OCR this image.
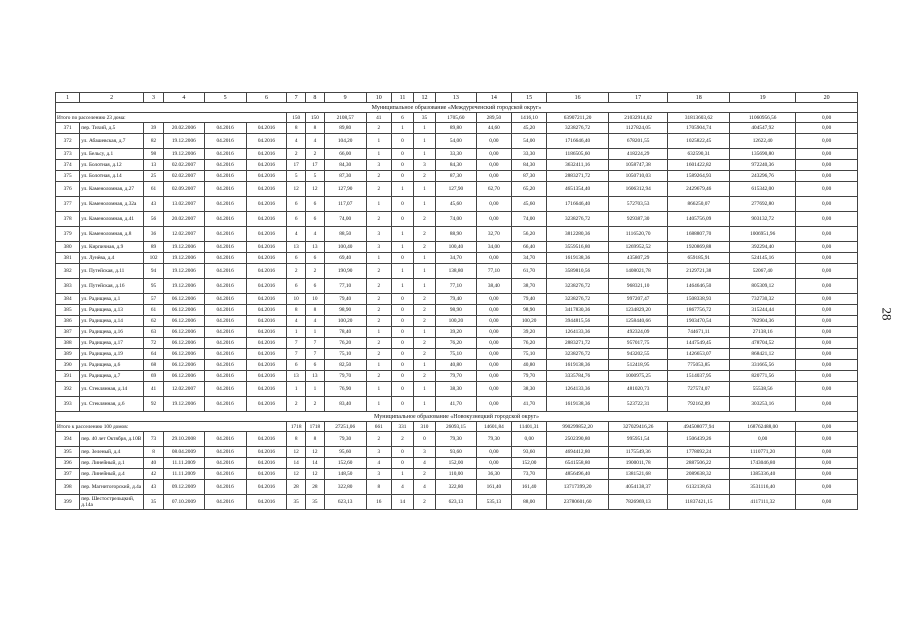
1	2	3	4	5	6	7	8	9	10	11	12	13	14	15	16	17	18	19	20
Муниципальное образование «Междуреченский городской округ»																			
Итого по расселению 23 дома:						150	150	2108,57	41	6	35	1705,60	289,50	1416,10	63907211,20	21032914,02	31813603,62	11060956,56	0,00
371	пер. Тихий, д.5	39	20.02.2006	04.2016	04.2016	8	8	89,80	2	1	1	89,80	44,60	45,20	3238276,72	1127824,05	1705904,74	404547,92	0,00
372	ул. Абашевская, д.7	82	19.12.2006	04.2016	04.2016	4	4	104,20	1	0	1	54,00	0,00	54,00	1716646,40	678201,55	1025822,45	12622,40	0,00
373	ул. Бельсу, д.1	98	19.12.2006	04.2016	04.2016	2	2	66,00	1	0	1	33,30	0,00	33,30	1186505,60	418224,29	632590,31	135690,80	0,00
374	ул. Болотная, д.12	13	02.02.2007	04.2016	04.2016	17	17	84,30	3	0	3	84,30	0,00	84,30	3632411,16	1058747,38	1601422,82	972240,36	0,00
375	ул. Болотная, д.14	25	02.02.2007	04.2016	04.2016	5	5	87,30	2	0	2	87,30	0,00	87,30	2883271,72	1050710,03	1589264,93	243296,76	0,00
376	ул. Каменоломная, д.27	61	02.09.2007	04.2016	04.2016	12	12	127,90	2	1	1	127,90	62,70	65,20	4651354,40	1606312,94	2429679,46	615342,00	0,00
377	ул. Каменоломная, д.32а	43	13.02.2007	04.2016	04.2016	6	6	117,07	1	0	1	45,60	0,00	45,60	1716646,40	572703,53	866250,07	277692,80	0,00
378	ул. Каменоломная, д.41	56	20.02.2007	04.2016	04.2016	6	6	74,00	2	0	2	74,00	0,00	74,00	3238276,72	929387,30	1405756,09	903132,72	0,00
379	ул. Каменоломная, д.8	36	12.02.2007	04.2016	04.2016	4	4	88,50	3	1	2	88,90	32,70	56,20	3812280,36	1116520,70	1688807,70	1006951,96	0,00
380	ул. Кирпичная, д.9	89	19.12.2006	04.2016	04.2016	13	13	100,40	3	1	2	100,40	34,00	66,40	3559516,80	1269952,52	1920869,88	392294,40	0,00
381	ул. Лунёва, д.4	102	19.12.2006	04.2016	04.2016	6	6	69,40	1	0	1	34,70	0,00	34,70	1619138,36	435807,29	659185,91	524145,16	0,00
382	ул. Путейская, д.11	94	19.12.2006	04.2016	04.2016	2	2	190,90	2	1	1	138,80	77,10	61,70	3589810,56	1408021,78	2129721,38	52067,40	0,00
383	ул. Путейская, д.16	95	19.12.2006	04.2016	04.2016	6	6	77,10	2	1	1	77,10	38,40	38,70	3238276,72	968321,10	1464646,50	805309,12	0,00
384	ул. Радищева, д.1	57	06.12.2006	04.2016	04.2016	10	10	79,40	2	0	2	79,40	0,00	79,40	3238276,72	997207,47	1508338,93	732730,32	0,00
385	ул. Радищева, д.13	61	06.12.2006	04.2016	04.2016	8	8	98,90	2	0	2	98,90	0,00	98,90	3417830,36	1234829,20	1867756,72	315244,44	0,00
386	ул. Радищева, д.14	62	06.12.2006	04.2016	04.2016	4	4	100,20	2	0	2	100,20	0,00	100,20	3944815,56	1258440,66	1903470,54	782904,36	0,00
387	ул. Радищева, д.16	63	06.12.2006	04.2016	04.2016	1	1	78,40	1	0	1	39,20	0,00	39,20	1264133,36	492324,09	744671,11	27138,16	0,00
388	ул. Радищева, д.17	72	06.12.2006	04.2016	04.2016	7	7	76,20	2	0	2	76,20	0,00	76,20	2883271,72	957017,75	1447549,45	478704,52	0,00
389	ул. Радищева, д.19	64	06.12.2006	04.2016	04.2016	7	7	75,10	2	0	2	75,10	0,00	75,10	3238276,72	943202,55	1426653,07	868421,12	0,00
390	ул. Радищева, д.6	68	06.12.2006	04.2016	04.2016	6	6	82,50	1	0	1	40,80	0,00	40,80	1619138,36	512418,95	775053,85	331665,56	0,00
391	ул. Радищева, д.7	69	06.12.2006	04.2016	04.2016	13	13	79,70	2	0	2	79,70	0,00	79,70	3335784,76	1000975,25	1514037,95	820771,56	0,00
392	ул. Стеклянная, д.14	41	12.02.2007	04.2016	04.2016	1	1	76,90	1	0	1	38,30	0,00	38,30	1264133,36	481020,73	727574,07	55538,56	0,00
393	ул. Стеклянная, д.6	92	19.12.2006	04.2016	04.2016	2	2	83,40	1	0	1	41,70	0,00	41,70	1619138,36	523722,31	792162,89	303253,16	0,00
Муниципальное образование «Новокузнецкий городской округ»																			
Итого к расселению 100 домов:						1718	1718	27251,06	661	331	310	26093,15	14601,84	11401,31	990299852,20	327029416,26	494508077,94	168762488,00	0,00
394	пер. 40 лет Октября, д.10В	73	29.10.2008	04.2016	04.2016	8	8	79,30	2	2	0	79,30	79,30	0,00	2502390,80	995951,54	1506439,26	0,00	0,00
395	пер. Зеленый, д.4	8	08.04.2009	04.2016	04.2016	12	12	95,60	3	0	3	93,60	0,00	93,60	4694412,80	1175549,36	1778092,24	1110771,20	0,00
396	пер. Линейный, д.1	40	11.11.2009	04.2016	04.2016	14	14	152,60	4	0	4	152,00	0,00	152,00	6541558,80	1900011,78	2887506,22	1743046,80	0,00
397	пер. Линейный, д.4	42	11.11.2009	04.2016	04.2016	12	12	148,50	3	1	2	110,00	36,30	73,70	4856496,40	1381521,68	2089638,32	1385336,40	0,00
398	пер. Магнитогорский, д.4а	43	09.12.2009	04.2016	04.2016	28	28	322,80	8	4	4	322,80	161,40	161,40	13717399,20	4054138,37	6132138,63	3531116,40	0,00
399	пер. Шестострельцкий, д.14а	35	07.10.2009	04.2016	04.2016	35	35	623,13	16	14	2	623,13	535,13	88,00	23780601,60	7826969,13	11837421,15	4117111,32	0,00
28
